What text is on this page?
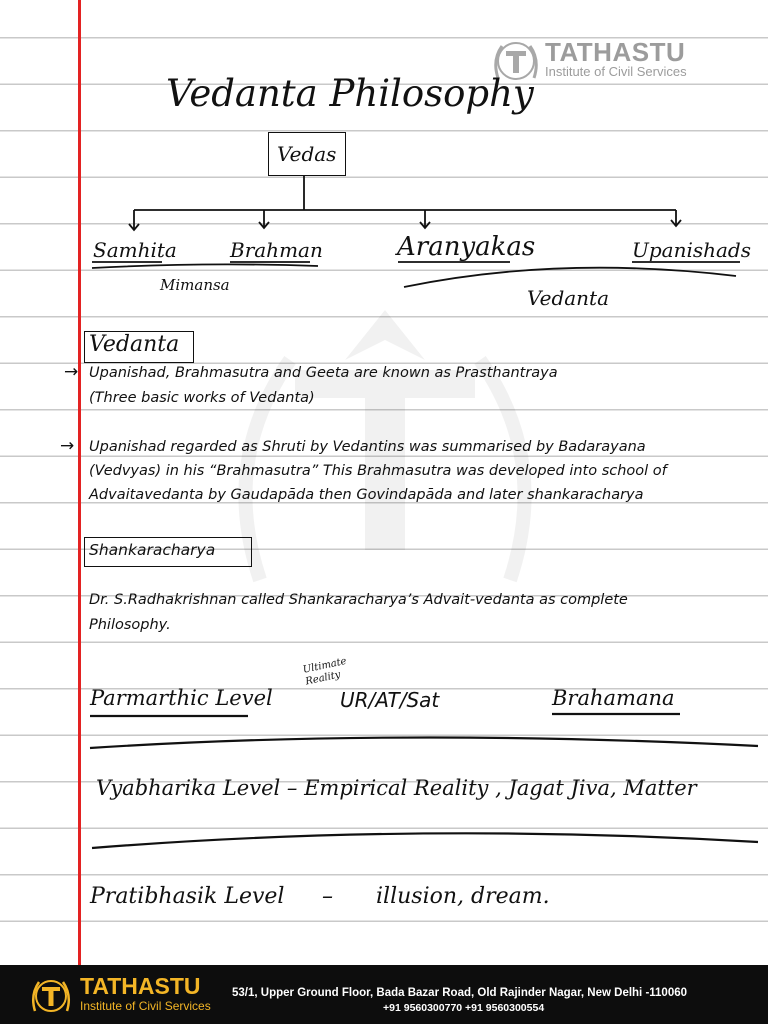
TATHASTU
Institute of Civil Services
Vedanta Philosophy
Vedas
Samhita	Brahman	Aranyakas	Upanishads
Mimansa
Vedanta
Vedanta
→ Upanishad, Brahmasutra and Geeta are known as Prasthantraya
(Three basic works of Vedanta)
→ Upanishad regarded as Shruti by Vedantins was summarised by Badarayana
(Vedvyas) in his “Brahmasutra” This Brahmasutra was developed into school of
Advaitavedanta by Gaudapāda then Govindapāda and later shankaracharya
Shankaracharya
Dr. S.Radhakrishnan called Shankaracharya’s Advait-vedanta as complete
Philosophy.
Ultimate Reality
Parmarthic Level	UR/AT/Sat	Brahamana
Vyabharika Level – Empirical Reality , Jagat Jiva, Matter
Pratibhasik Level – illusion, dream.
TATHASTU
Institute of Civil Services
53/1, Upper Ground Floor, Bada Bazar Road, Old Rajinder Nagar, New Delhi -110060
+91 9560300770 +91 9560300554
